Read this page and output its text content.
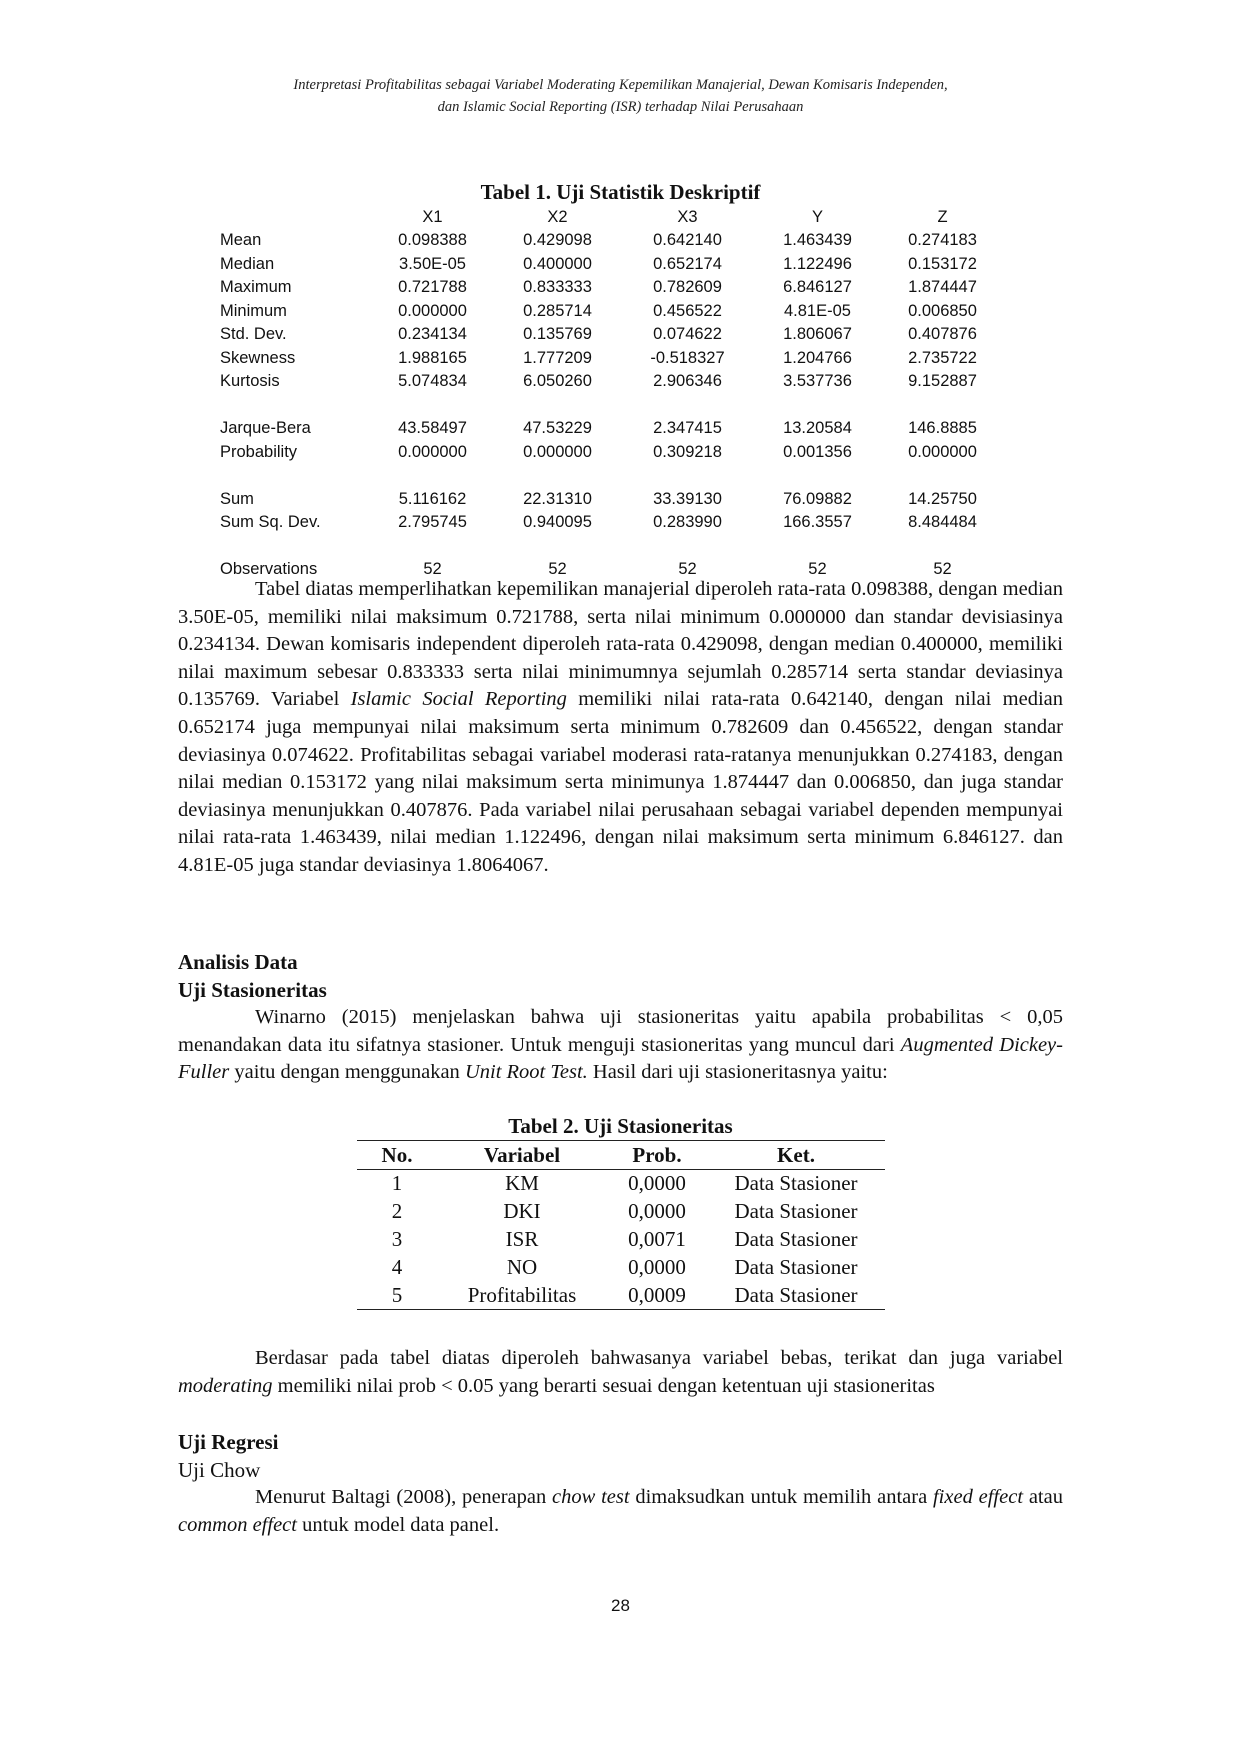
Interpretasi Profitabilitas sebagai Variabel Moderating Kepemilikan Manajerial, Dewan Komisaris Independen,
dan Islamic Social Reporting (ISR) terhadap Nilai Perusahaan
Tabel 1. Uji Statistik Deskriptif
	X1	X2	X3	Y	Z
Mean	0.098388	0.429098	0.642140	1.463439	0.274183
Median	3.50E-05	0.400000	0.652174	1.122496	0.153172
Maximum	0.721788	0.833333	0.782609	6.846127	1.874447
Minimum	0.000000	0.285714	0.456522	4.81E-05	0.006850
Std. Dev.	0.234134	0.135769	0.074622	1.806067	0.407876
Skewness	1.988165	1.777209	-0.518327	1.204766	2.735722
Kurtosis	5.074834	6.050260	2.906346	3.537736	9.152887

Jarque-Bera	43.58497	47.53229	2.347415	13.20584	146.8885
Probability	0.000000	0.000000	0.309218	0.001356	0.000000

Sum	5.116162	22.31310	33.39130	76.09882	14.25750
Sum Sq. Dev.	2.795745	0.940095	0.283990	166.3557	8.484484

Observations	52	52	52	52	52

Tabel diatas memperlihatkan kepemilikan manajerial diperoleh rata-rata 0.098388, dengan median 3.50E-05, memiliki nilai maksimum 0.721788, serta nilai minimum 0.000000 dan standar devisiasinya 0.234134. Dewan komisaris independent diperoleh rata-rata 0.429098, dengan median 0.400000, memiliki nilai maximum sebesar 0.833333 serta nilai minimumnya sejumlah 0.285714 serta standar deviasinya 0.135769. Variabel Islamic Social Reporting memiliki nilai rata-rata 0.642140, dengan nilai median 0.652174 juga mempunyai nilai maksimum serta minimum 0.782609 dan 0.456522, dengan standar deviasinya 0.074622. Profitabilitas sebagai variabel moderasi rata-ratanya menunjukkan 0.274183, dengan nilai median 0.153172 yang nilai maksimum serta minimunya 1.874447 dan 0.006850, dan juga standar deviasinya menunjukkan 0.407876. Pada variabel nilai perusahaan sebagai variabel dependen mempunyai nilai rata-rata 1.463439, nilai median 1.122496, dengan nilai maksimum serta minimum 6.846127. dan 4.81E-05 juga standar deviasinya 1.8064067.

Analisis Data
Uji Stasioneritas

Winarno (2015) menjelaskan bahwa uji stasioneritas yaitu apabila probabilitas < 0,05 menandakan data itu sifatnya stasioner. Untuk menguji stasioneritas yang muncul dari Augmented Dickey-Fuller yaitu dengan menggunakan Unit Root Test. Hasil dari uji stasioneritasnya yaitu:

Tabel 2. Uji Stasioneritas
No.	Variabel	Prob.	Ket.
1	KM	0,0000	Data Stasioner
2	DKI	0,0000	Data Stasioner
3	ISR	0,0071	Data Stasioner
4	NO	0,0000	Data Stasioner
5	Profitabilitas	0,0009	Data Stasioner

Berdasar pada tabel diatas diperoleh bahwasanya variabel bebas, terikat dan juga variabel moderating memiliki nilai prob < 0.05 yang berarti sesuai dengan ketentuan uji stasioneritas

Uji Regresi
Uji Chow

Menurut Baltagi (2008), penerapan chow test dimaksudkan untuk memilih antara fixed effect atau common effect untuk model data panel.

28
